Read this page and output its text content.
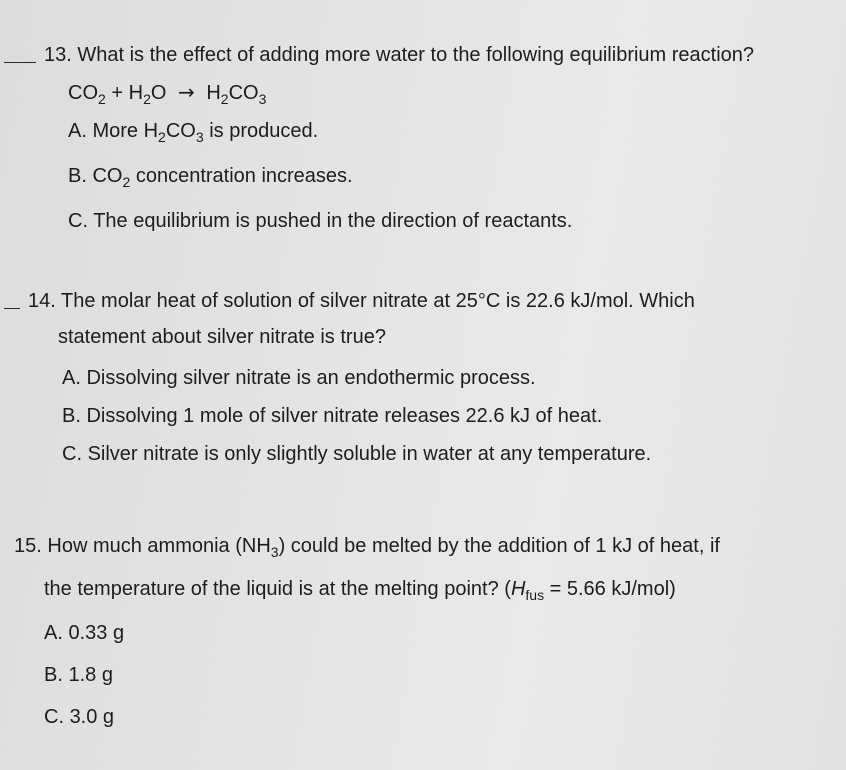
13. What is the effect of adding more water to the following equilibrium reaction?
$CO_2 + H_2O \to H_2CO_3$
A. More $H_2CO_3$ is produced.
B. $CO_2$ concentration increases.
C. The equilibrium is pushed in the direction of reactants.
14. The molar heat of solution of silver nitrate at 25°C is 22.6 kJ/mol. Which
statement about silver nitrate is true?
A. Dissolving silver nitrate is an endothermic process.
B. Dissolving 1 mole of silver nitrate releases 22.6 kJ of heat.
C. Silver nitrate is only slightly soluble in water at any temperature.
15. How much ammonia $(NH_3)$ could be melted by the addition of 1 kJ of heat, if
the temperature of the liquid is at the melting point? ($H_{fus} = 5.66$ kJ/mol)
A. 0.33 g
B. 1.8 g
C. 3.0 g
